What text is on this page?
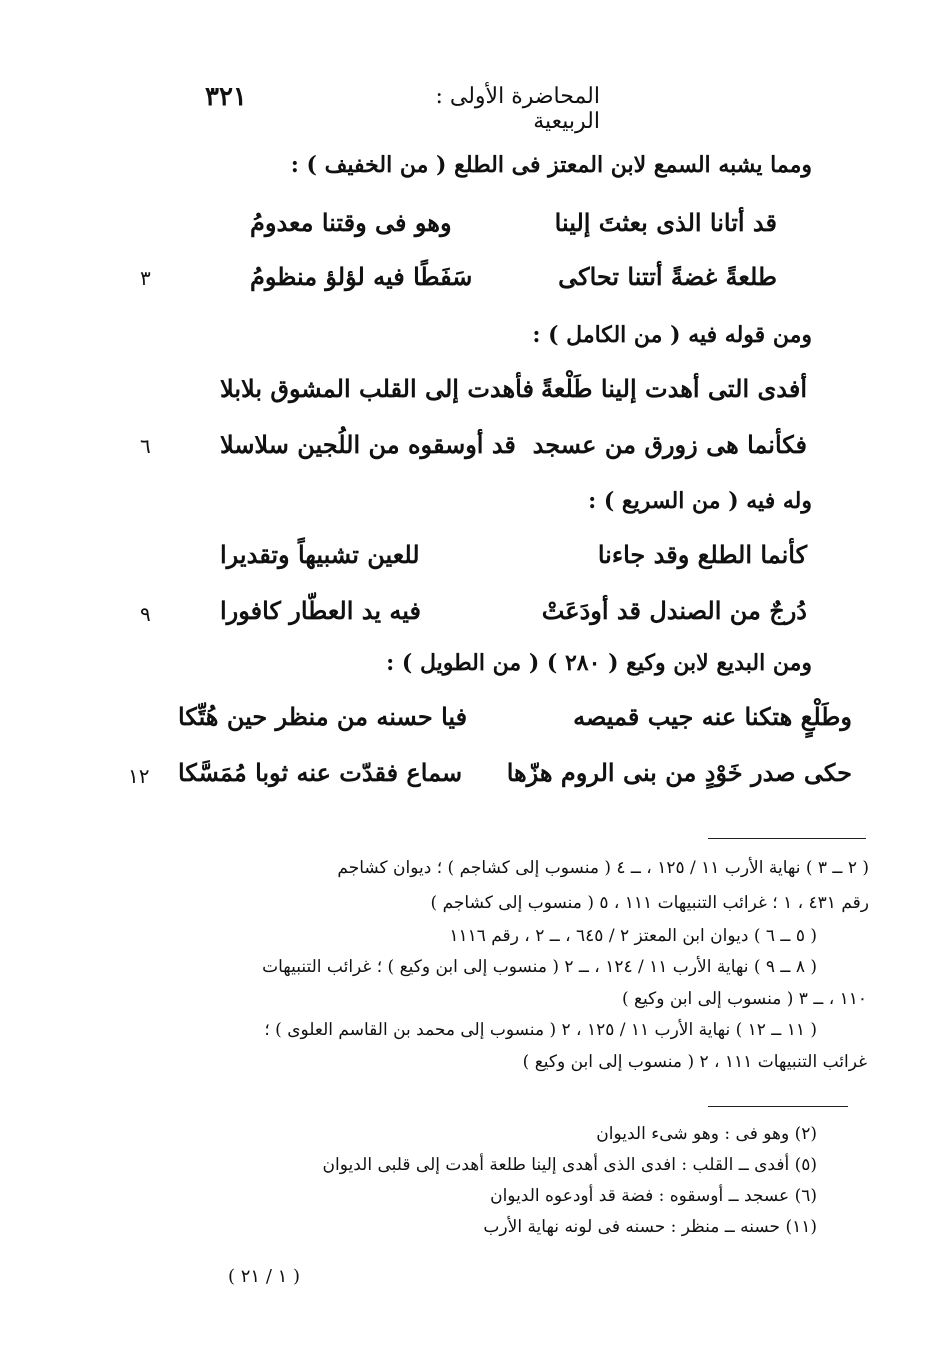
٣٢١	المحاضرة الأولى : الربيعية
ومما يشبه السمع لابن المعتز فى الطلع ( من الخفيف ) :
قد أتانا الذى بعثتَ إلينا
وهو فى وقتنا معدومُ
طلعةً غضةً أتتنا تحاكى
سَفَطًا فيه لؤلؤ منظومُ
٣
ومن قوله فيه ( من الكامل ) :
أفدى التى أهدت إلينا طَلْعةً
فأهدت إلى القلب المشوق بلابلا
فكأنما هى زورق من عسجد
قد أوسقوه من اللُجين سلاسلا
٦
وله فيه ( من السريع ) :
كأنما الطلع وقد جاءنا
للعين تشبيهاً وتقديرا
دُرجٌ من الصندل قد أودَعَتْ
فيه يد العطّار كافورا
٩
ومن البديع لابن وكيع ( ٢٨٠ ) ( من الطويل ) :
وطَلْعٍ هتكنا عنه جيب قميصه
فيا حسنه من منظر حين هُتِّكا
حكى صدر خَوْدٍ من بنى الروم هزّها
سماع فقدّت عنه ثوبا مُمَسَّكا
١٢
( ٢ ــ ٣ ) نهاية الأرب ١١ / ١٢٥ ، ــ ٤ ( منسوب إلى كشاجم ) ؛ ديوان كشاجم
رقم ٤٣١ ، ١ ؛ غرائب التنبيهات ١١١ ، ٥ ( منسوب إلى كشاجم )
( ٥ ــ ٦ ) ديوان ابن المعتز ٢ / ٦٤٥ ، ــ ٢ ، رقم ١١١٦
( ٨ ــ ٩ ) نهاية الأرب ١١ / ١٢٤ ، ــ ٢ ( منسوب إلى ابن وكيع ) ؛ غرائب التنبيهات
١١٠ ، ــ ٣ ( منسوب إلى ابن وكيع )
( ١١ ــ ١٢ ) نهاية الأرب ١١ / ١٢٥ ، ٢ ( منسوب إلى محمد بن القاسم العلوى ) ؛
غرائب التنبيهات ١١١ ، ٢ ( منسوب إلى ابن وكيع )
(٢) وهو فى : وهو شىء الديوان
(٥) أفدى ــ القلب : افدى الذى أهدى إلينا طلعة أهدت إلى قلبى الديوان
(٦) عسجد ــ أوسقوه : فضة قد أودعوه الديوان
(١١) حسنه ــ منظر : حسنه فى لونه نهاية الأرب
( ١ / ٢١ )
